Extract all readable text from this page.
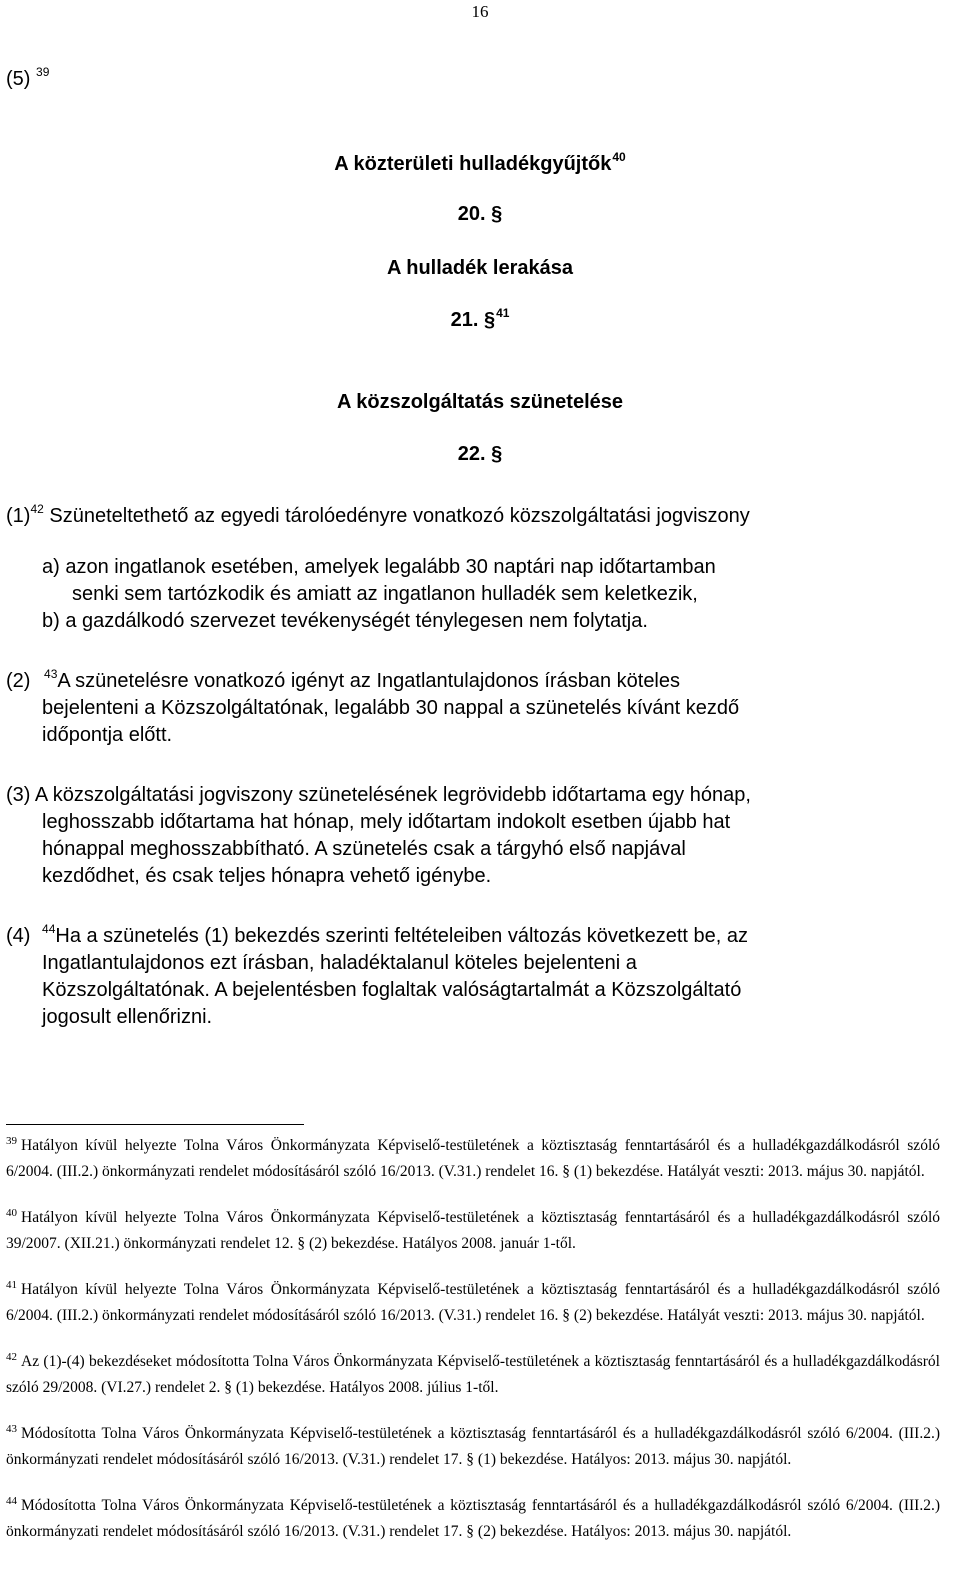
16
(5) $^{39}$
A közterületi hulladékgyűjtők$^{40}$
20. §
A hulladék lerakása
21. §$^{41}$
A közszolgáltatás szünetelése
22. §
$(1)^{42}$ Szüneteltethető az egyedi tárolóedényre vonatkozó közszolgáltatási jogviszony
a) azon ingatlanok esetében, amelyek legalább 30 naptári nap időtartamban
senki sem tartózkodik és amiatt az ingatlanon hulladék sem keletkezik,
b) a gazdálkodó szervezet tevékenységét ténylegesen nem folytatja.
(2) $^{43}$A szünetelésre vonatkozó igényt az Ingatlantulajdonos írásban köteles
bejelenteni a Közszolgáltatónak, legalább 30 nappal a szünetelés kívánt kezdő
időpontja előtt.
(3) A közszolgáltatási jogviszony szünetelésének legrövidebb időtartama egy hónap,
leghosszabb időtartama hat hónap, mely időtartam indokolt esetben újabb hat
hónappal meghosszabbítható. A szünetelés csak a tárgyhó első napjával
kezdődhet, és csak teljes hónapra vehető igénybe.
(4) $^{44}$Ha a szünetelés (1) bekezdés szerinti feltételeiben változás következett be, az
Ingatlantulajdonos ezt írásban, haladéktalanul köteles bejelenteni a
Közszolgáltatónak. A bejelentésben foglaltak valóságtartalmát a Közszolgáltató
jogosult ellenőrizni.
$^{39}$ Hatályon kívül helyezte Tolna Város Önkormányzata Képviselő-testületének a köztisztaság fenntartásáról és a hulladékgazdálkodásról szóló 6/2004. (III.2.) önkormányzati rendelet módosításáról szóló 16/2013. (V.31.) rendelet 16. § (1) bekezdése. Hatályát veszti: 2013. május 30. napjától.
$^{40}$ Hatályon kívül helyezte Tolna Város Önkormányzata Képviselő-testületének a köztisztaság fenntartásáról és a hulladékgazdálkodásról szóló 39/2007. (XII.21.) önkormányzati rendelet 12. § (2) bekezdése. Hatályos 2008. január 1-től.
$^{41}$ Hatályon kívül helyezte Tolna Város Önkormányzata Képviselő-testületének a köztisztaság fenntartásáról és a hulladékgazdálkodásról szóló 6/2004. (III.2.) önkormányzati rendelet módosításáról szóló 16/2013. (V.31.) rendelet 16. § (2) bekezdése. Hatályát veszti: 2013. május 30. napjától.
$^{42}$ Az (1)-(4) bekezdéseket módosította Tolna Város Önkormányzata Képviselő-testületének a köztisztaság fenntartásáról és a hulladékgazdálkodásról szóló 29/2008. (VI.27.) rendelet 2. § (1) bekezdése. Hatályos 2008. július 1-től.
$^{43}$ Módosította Tolna Város Önkormányzata Képviselő-testületének a köztisztaság fenntartásáról és a hulladékgazdálkodásról szóló 6/2004. (III.2.) önkormányzati rendelet módosításáról szóló 16/2013. (V.31.) rendelet 17. § (1) bekezdése. Hatályos: 2013. május 30. napjától.
$^{44}$ Módosította Tolna Város Önkormányzata Képviselő-testületének a köztisztaság fenntartásáról és a hulladékgazdálkodásról szóló 6/2004. (III.2.) önkormányzati rendelet módosításáról szóló 16/2013. (V.31.) rendelet 17. § (2) bekezdése. Hatályos: 2013. május 30. napjától.
